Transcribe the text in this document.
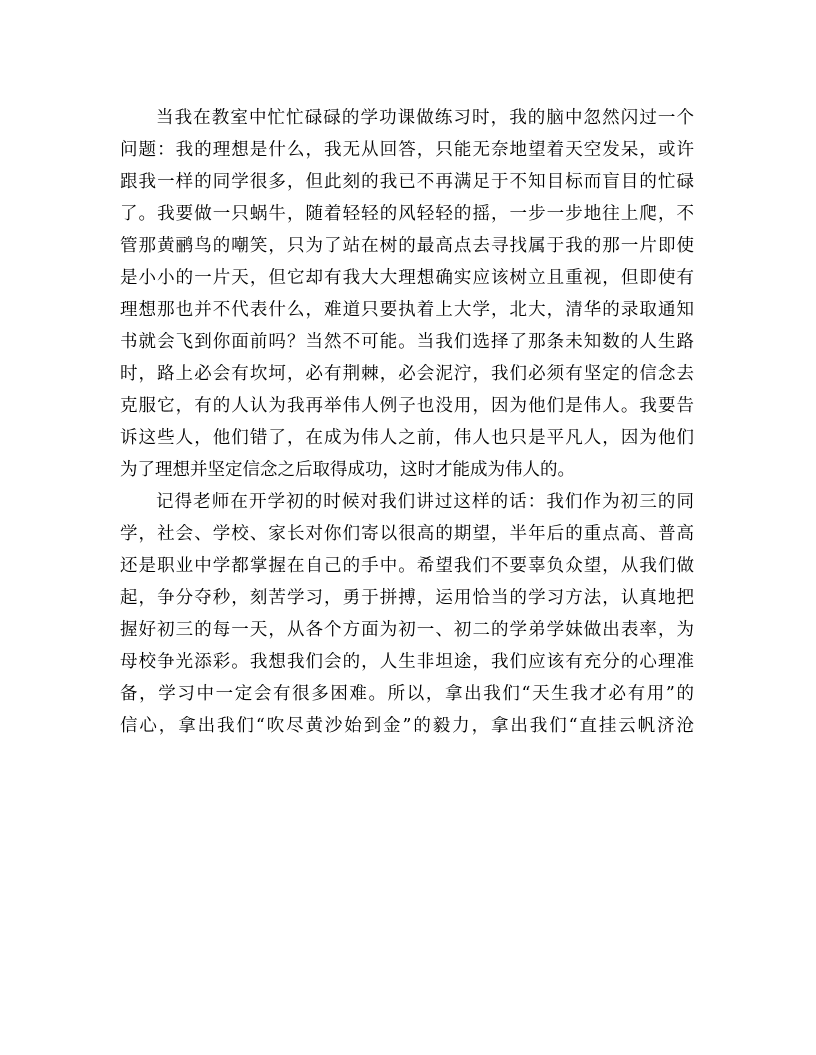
当我在教室中忙忙碌碌的学功课做练习时，我的脑中忽然闪过一个
问题：我的理想是什么，我无从回答，只能无奈地望着天空发呆，或许
跟我一样的同学很多，但此刻的我已不再满足于不知目标而盲目的忙碌
了。我要做一只蜗牛，随着轻轻的风轻轻的摇，一步一步地往上爬，不
管那黄鹂鸟的嘲笑，只为了站在树的最高点去寻找属于我的那一片即使
是小小的一片天，但它却有我大大理想确实应该树立且重视，但即使有
理想那也并不代表什么，难道只要执着上大学，北大，清华的录取通知
书就会飞到你面前吗？当然不可能。当我们选择了那条未知数的人生路
时，路上必会有坎坷，必有荆棘，必会泥泞，我们必须有坚定的信念去
克服它，有的人认为我再举伟人例子也没用，因为他们是伟人。我要告
诉这些人，他们错了，在成为伟人之前，伟人也只是平凡人，因为他们
为了理想并坚定信念之后取得成功，这时才能成为伟人的。
记得老师在开学初的时候对我们讲过这样的话：我们作为初三的同
学，社会、学校、家长对你们寄以很高的期望，半年后的重点高、普高
还是职业中学都掌握在自己的手中。希望我们不要辜负众望，从我们做
起，争分夺秒，刻苦学习，勇于拼搏，运用恰当的学习方法，认真地把
握好初三的每一天，从各个方面为初一、初二的学弟学妹做出表率，为
母校争光添彩。我想我们会的，人生非坦途，我们应该有充分的心理准
备，学习中一定会有很多困难。所以，拿出我们“天生我才必有用”的
信心，拿出我们“吹尽黄沙始到金”的毅力，拿出我们“直挂云帆济沧
